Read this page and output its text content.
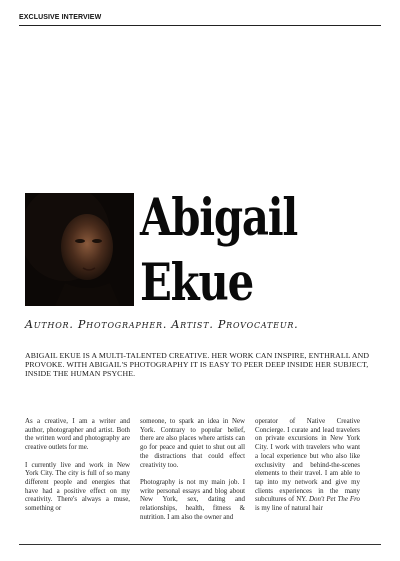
EXCLUSIVE INTERVIEW
Abigail
Ekue
Author. Photographer. Artist. Provocateur.
ABIGAIL EKUE IS A MULTI-TALENTED CREATIVE. HER WORK CAN INSPIRE, ENTHRALL AND PROVOKE. WITH ABIGAIL'S PHOTOGRAPHY IT IS EASY TO PEER DEEP INSIDE HER SUBJECT, INSIDE THE HUMAN PSYCHE.

As a creative, I am a writer and author, photographer and artist. Both the written word and photography are creative outlets for me.

I currently live and work in New York City. The city is full of so many different people and energies that have had a positive effect on my creativity. There's always a muse, something or

someone, to spark an idea in New York. Contrary to popular belief, there are also places where artists can go for peace and quiet to shut out all the distractions that could effect creativity too.

Photography is not my main job. I write personal essays and blog about New York, sex, dating and relationships, health, fitness & nutrition. I am also the owner and

operator of Native Creative Concierge. I curate and lead travelers on private excursions in New York City. I work with travelers who want a local experience but who also like exclusivity and behind-the-scenes elements to their travel. I am able to tap into my network and give my clients experiences in the many subcultures of NY. Don't Pet The Fro is my line of natural hair
